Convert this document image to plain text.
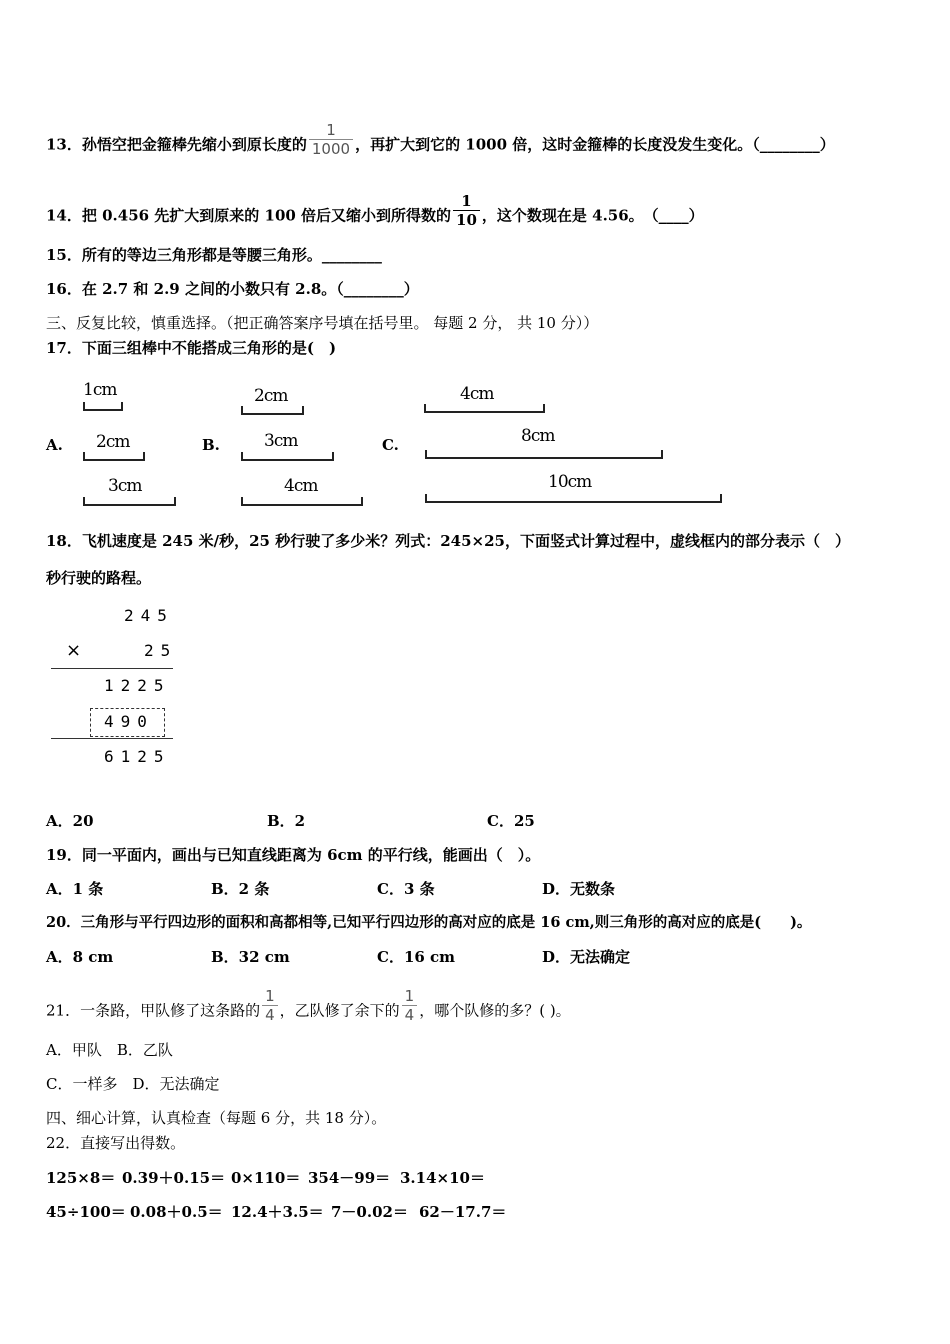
13．孙悟空把金箍棒先缩小到原长度的 $\frac{1}{1000}$ ，再扩大到它的 1000 倍，这时金箍棒的长度没发生变化。（________）
14．把 0.456 先扩大到原来的 100 倍后又缩小到所得数的 $\frac{1}{10}$ ，这个数现在是 4.56。　（____）
15．所有的等边三角形都是等腰三角形。________
16．在 2.7 和 2.9 之间的小数只有 2.8。（________）
三、反复比较，慎重选择。（把正确答案序号填在括号里。 每题 2 分， 共 10 分））
17．下面三组棒中不能搭成三角形的是(　)
A.	B.	C.
1cm
2cm
3cm
2cm
3cm
4cm
4cm
8cm
10cm
18．飞机速度是 245 米/秒，25 秒行驶了多少米？列式：245×25，下面竖式计算过程中，虚线框内的部分表示（　）
秒行驶的路程。
245
×	25
1225
490
6125
A．20	B．2	C．25
19．同一平面内，画出与已知直线距离为 6cm 的平行线，能画出（　）。
A．1 条	B．2 条	C．3 条	D．无数条
20．三角形与平行四边形的面积和高都相等,已知平行四边形的高对应的底是 16 cm,则三角形的高对应的底是(　　)。
A．8 cm	B．32 cm	C．16 cm	D．无法确定
21．一条路，甲队修了这条路的 $\frac{1}{4}$ ，乙队修了余下的 $\frac{1}{4}$ ，哪个队修的多？( )。
A．甲队　B．乙队
C．一样多　D．无法确定
四、细心计算，认真检查（每题 6 分，共 18 分）。
22．直接写出得数。
125×8＝ 0.39＋0.15＝ 0×110＝ 354－99＝ 3.14×10＝
45÷100＝ 0.08＋0.5＝ 12.4＋3.5＝ 7－0.02＝ 62－17.7＝
